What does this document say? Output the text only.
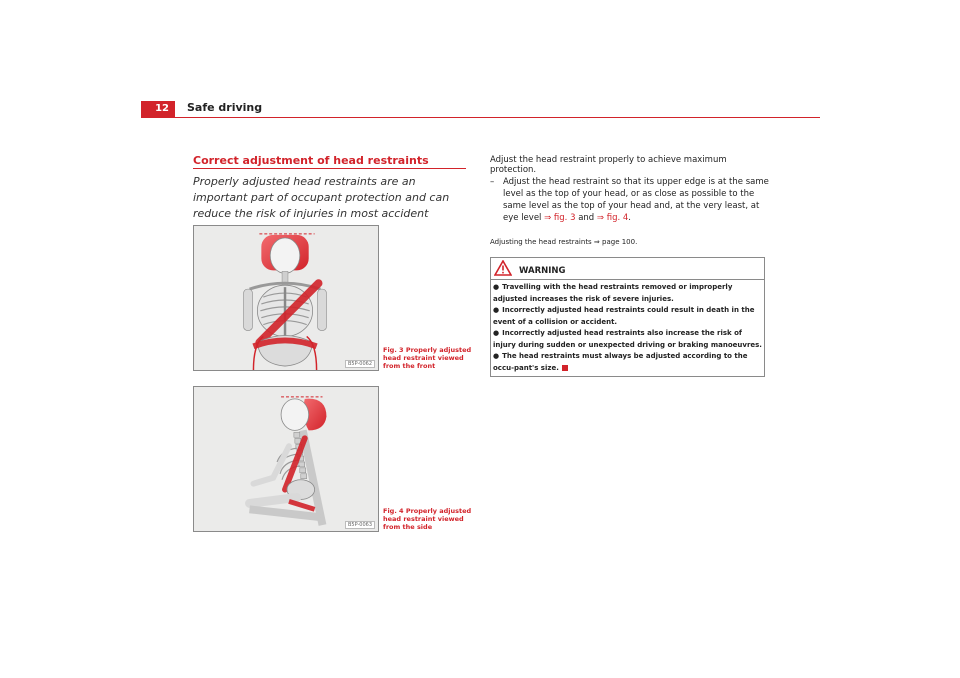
12	Safe driving
Correct adjustment of head restraints
Properly adjusted head restraints are an important part of occupant protection and can reduce the risk of injuries in most accident
B5P-0062
Fig. 3 Properly adjusted head restraint viewed from the front
B5P-0063
Fig. 4 Properly adjusted head restraint viewed from the side
Adjust the head restraint properly to achieve maximum protection.
– Adjust the head restraint so that its upper edge is at the same level as the top of your head, or as close as possible to the same level as the top of your head and, at the very least, at eye level ⇒ fig. 3 and ⇒ fig. 4.
Adjusting the head restraints ⇒ page 100.
WARNING
● Travelling with the head restraints removed or improperly adjusted increases the risk of severe injuries.
● Incorrectly adjusted head restraints could result in death in the event of a collision or accident.
● Incorrectly adjusted head restraints also increase the risk of injury during sudden or unexpected driving or braking manoeuvres.
● The head restraints must always be adjusted according to the occu-pant's size.
